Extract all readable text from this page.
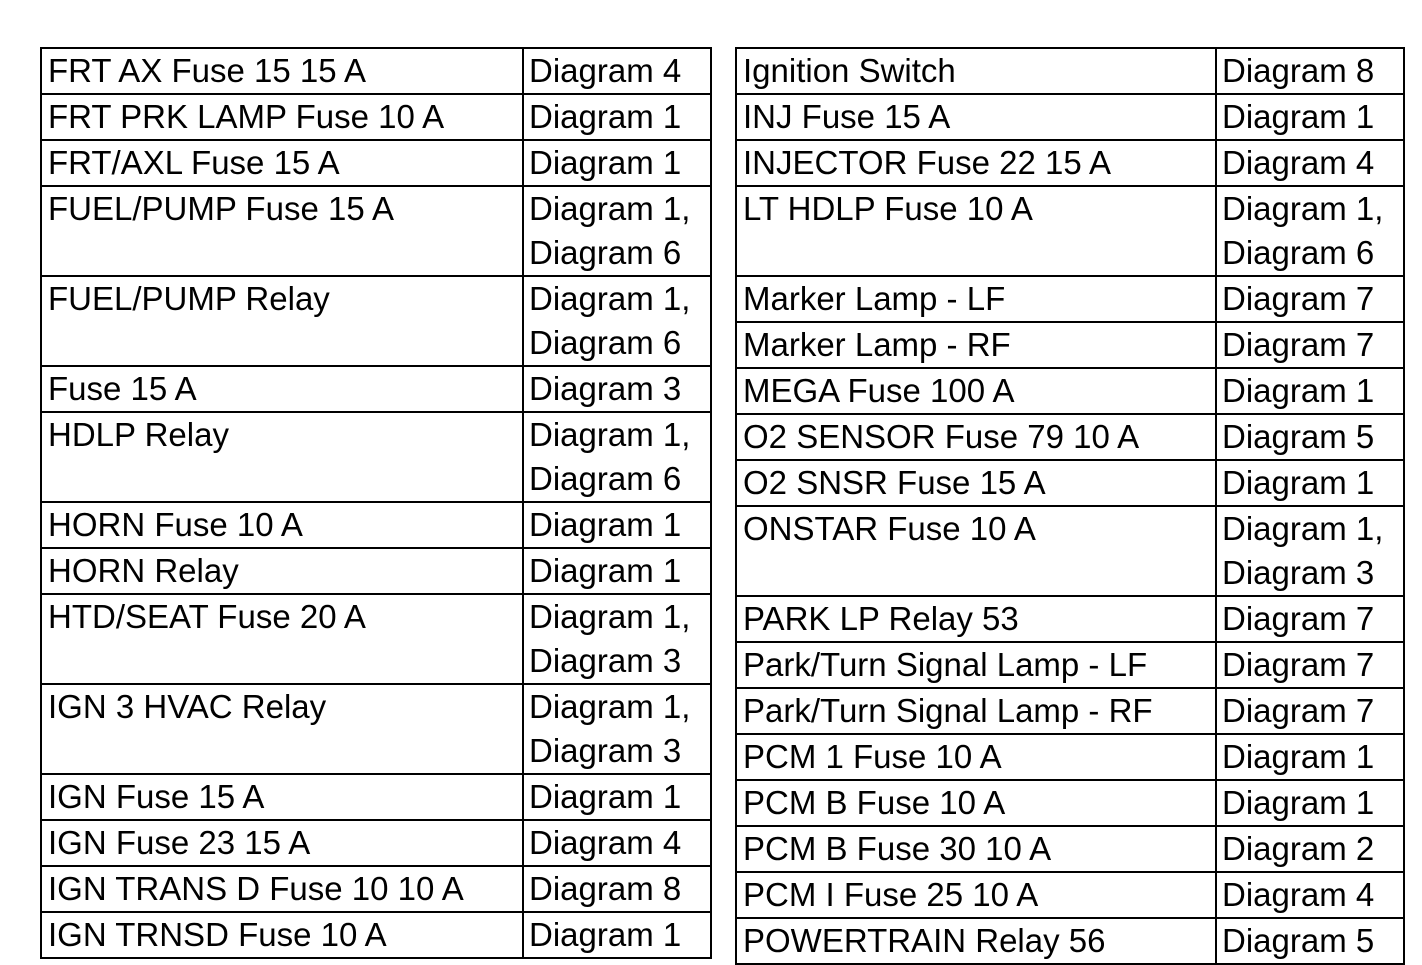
FRT AX Fuse 15 15 A	Diagram 4

FRT PRK LAMP Fuse 10 A	Diagram 1

FRT/AXL Fuse 15 A	Diagram 1

FUEL/PUMP Fuse 15 A	Diagram 1,
Diagram 6

FUEL/PUMP Relay	Diagram 1,
Diagram 6

Fuse 15 A	Diagram 3

HDLP Relay	Diagram 1,
Diagram 6

HORN Fuse 10 A	Diagram 1

HORN Relay	Diagram 1

HTD/SEAT Fuse 20 A	Diagram 1,
Diagram 3

IGN 3 HVAC Relay	Diagram 1,
Diagram 3

IGN Fuse 15 A	Diagram 1

IGN Fuse 23 15 A	Diagram 4

IGN TRANS D Fuse 10 10 A	Diagram 8

IGN TRNSD Fuse 10 A	Diagram 1
Ignition Switch	Diagram 8

INJ Fuse 15 A	Diagram 1

INJECTOR Fuse 22 15 A	Diagram 4

LT HDLP Fuse 10 A	Diagram 1,
Diagram 6

Marker Lamp - LF	Diagram 7

Marker Lamp - RF	Diagram 7

MEGA Fuse 100 A	Diagram 1

O2 SENSOR Fuse 79 10 A	Diagram 5

O2 SNSR Fuse 15 A	Diagram 1

ONSTAR Fuse 10 A	Diagram 1,
Diagram 3

PARK LP Relay 53	Diagram 7

Park/Turn Signal Lamp - LF	Diagram 7

Park/Turn Signal Lamp - RF	Diagram 7

PCM 1 Fuse 10 A	Diagram 1

PCM B Fuse 10 A	Diagram 1

PCM B Fuse 30 10 A	Diagram 2

PCM I Fuse 25 10 A	Diagram 4

POWERTRAIN Relay 56	Diagram 5
